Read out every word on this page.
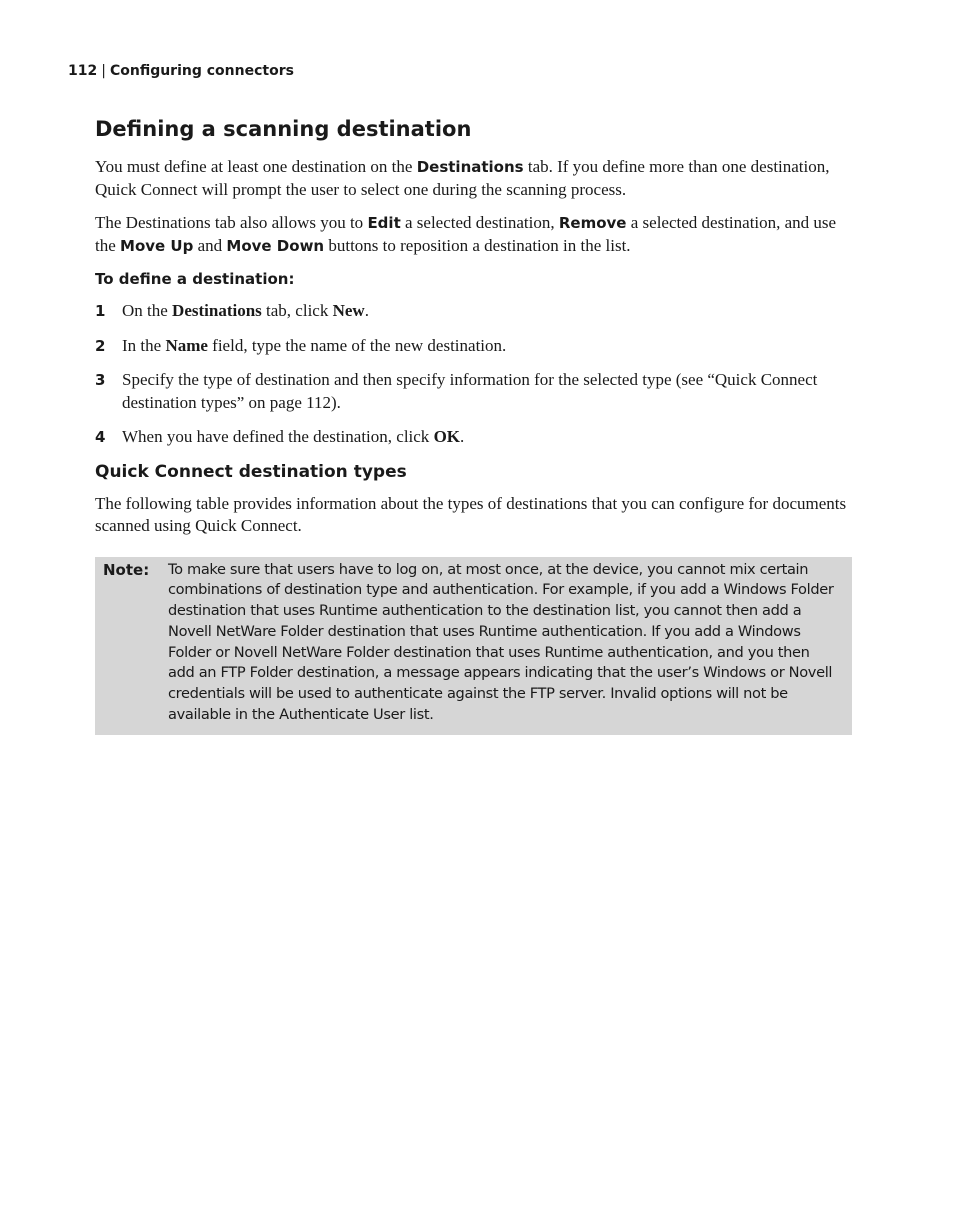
112 | Configuring connectors
Defining a scanning destination

You must define at least one destination on the Destinations tab. If you define more than one destination, Quick Connect will prompt the user to select one during the scanning process.

The Destinations tab also allows you to Edit a selected destination, Remove a selected destination, and use the Move Up and Move Down buttons to reposition a destination in the list.

To define a destination:
1 On the Destinations tab, click New.
2 In the Name field, type the name of the new destination.
3 Specify the type of destination and then specify information for the selected type (see “Quick Connect destination types” on page 112).
4 When you have defined the destination, click OK.
Quick Connect destination types

The following table provides information about the types of destinations that you can configure for documents scanned using Quick Connect.

Note:	To make sure that users have to log on, at most once, at the device, you cannot mix certain combinations of destination type and authentication. For example, if you add a Windows Folder destination that uses Runtime authentication to the destination list, you cannot then add a Novell NetWare Folder destination that uses Runtime authentication. If you add a Windows Folder or Novell NetWare Folder destination that uses Runtime authentication, and you then add an FTP Folder destination, a message appears indicating that the user’s Windows or Novell credentials will be used to authenticate against the FTP server. Invalid options will not be available in the Authenticate User list.
